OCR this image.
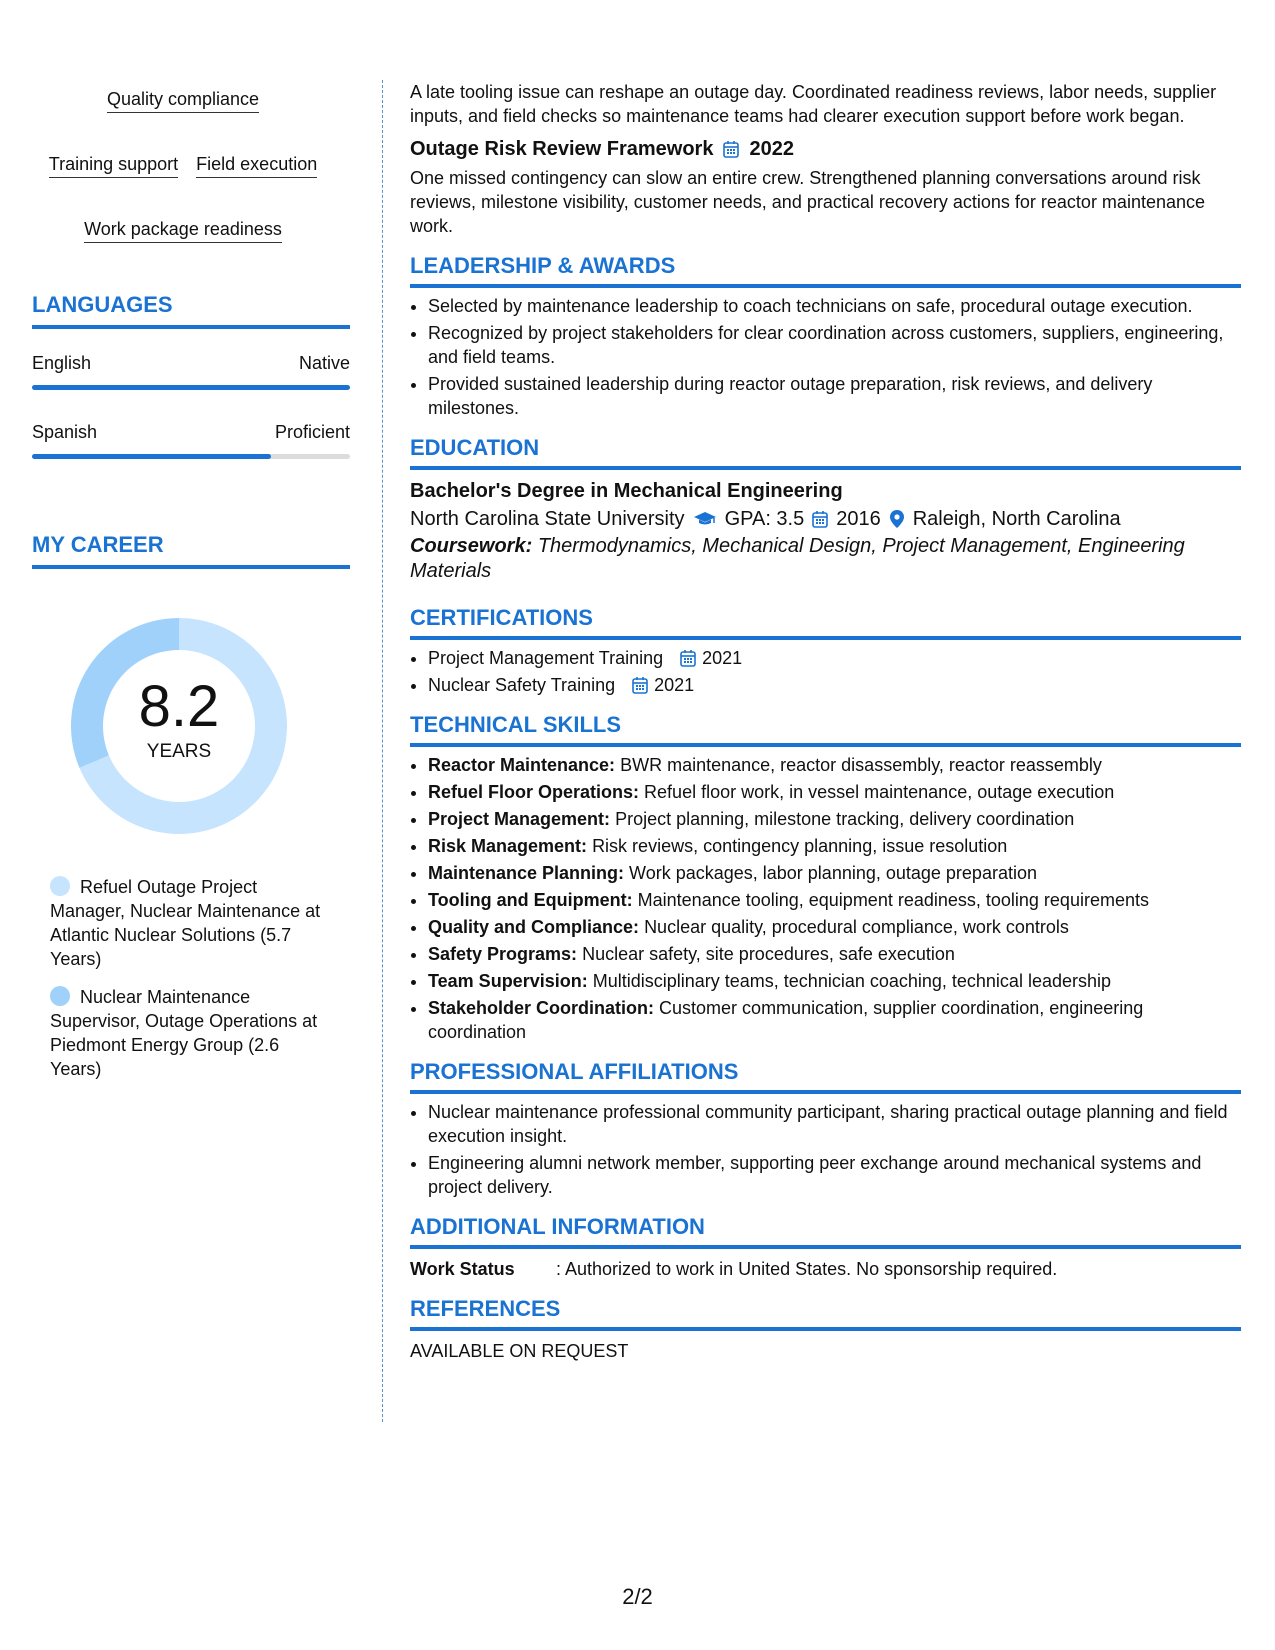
Quality compliance
Training support Field execution
Work package readiness
LANGUAGES
English	Native
Spanish	Proficient
MY CAREER
8.2
YEARS
Refuel Outage Project Manager, Nuclear Maintenance at Atlantic Nuclear Solutions (5.7 Years)
Nuclear Maintenance Supervisor, Outage Operations at Piedmont Energy Group (2.6 Years)

A late tooling issue can reshape an outage day. Coordinated readiness reviews, labor needs, supplier inputs, and field checks so maintenance teams had clearer execution support before work began.

Outage Risk Review Framework 2022

One missed contingency can slow an entire crew. Strengthened planning conversations around risk reviews, milestone visibility, customer needs, and practical recovery actions for reactor maintenance work.

LEADERSHIP & AWARDS
• Selected by maintenance leadership to coach technicians on safe, procedural outage execution.
• Recognized by project stakeholders for clear coordination across customers, suppliers, engineering, and field teams.
• Provided sustained leadership during reactor outage preparation, risk reviews, and delivery milestones.
EDUCATION
Bachelor's Degree in Mechanical Engineering
North Carolina State University GPA: 3.5 2016 Raleigh, North Carolina
Coursework: Thermodynamics, Mechanical Design, Project Management, Engineering Materials
CERTIFICATIONS
• Project Management Training
2021
• Nuclear Safety Training
2021
TECHNICAL SKILLS
• Reactor Maintenance: BWR maintenance, reactor disassembly, reactor reassembly
• Refuel Floor Operations: Refuel floor work, in vessel maintenance, outage execution
• Project Management: Project planning, milestone tracking, delivery coordination
• Risk Management: Risk reviews, contingency planning, issue resolution
• Maintenance Planning: Work packages, labor planning, outage preparation
• Tooling and Equipment: Maintenance tooling, equipment readiness, tooling requirements
• Quality and Compliance: Nuclear quality, procedural compliance, work controls
• Safety Programs: Nuclear safety, site procedures, safe execution
• Team Supervision: Multidisciplinary teams, technician coaching, technical leadership
• Stakeholder Coordination: Customer communication, supplier coordination, engineering coordination
PROFESSIONAL AFFILIATIONS
• Nuclear maintenance professional community participant, sharing practical outage planning and field execution insight.
• Engineering alumni network member, supporting peer exchange around mechanical systems and project delivery.
ADDITIONAL INFORMATION
Work Status	: Authorized to work in United States. No sponsorship required.
REFERENCES

AVAILABLE ON REQUEST

2/2
